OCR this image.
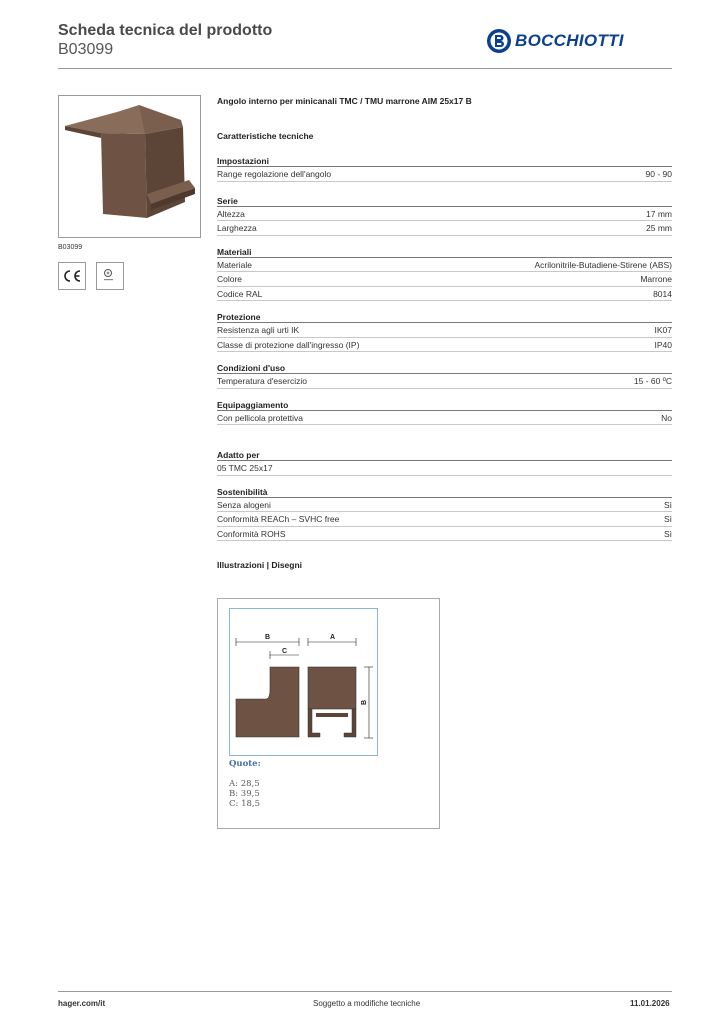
Scheda tecnica del prodotto
B03099	BOCCHIOTTI
B03099
Angolo interno per minicanali TMC / TMU marrone AIM 25x17 B
Caratteristiche tecniche
Impostazioni
Range regolazione dell'angolo	90 - 90
Serie
Altezza	17 mm
Larghezza	25 mm
Materiali
Materiale	Acrilonitrile-Butadiene-Stirene (ABS)
Colore	Marrone
Codice RAL	8014
Protezione
Resistenza agli urti IK	IK07
Classe di protezione dall'ingresso (IP)	IP40
Condizioni d'uso
Temperatura d'esercizio	15 - 60 ºC
Equipaggiamento
Con pellicola protettiva	No
Adatto per
05 TMC 25x17
Sostenibilità
Senza alogeni	Sì
Conformità REACh – SVHC free	Sì
Conformità ROHS	Sì
Illustrazioni | Disegni
B
C
A
B
Quote:
A: 28,5
B: 39,5
C: 18,5
hager.com/it	Soggetto a modifiche tecniche	11.01.2026
